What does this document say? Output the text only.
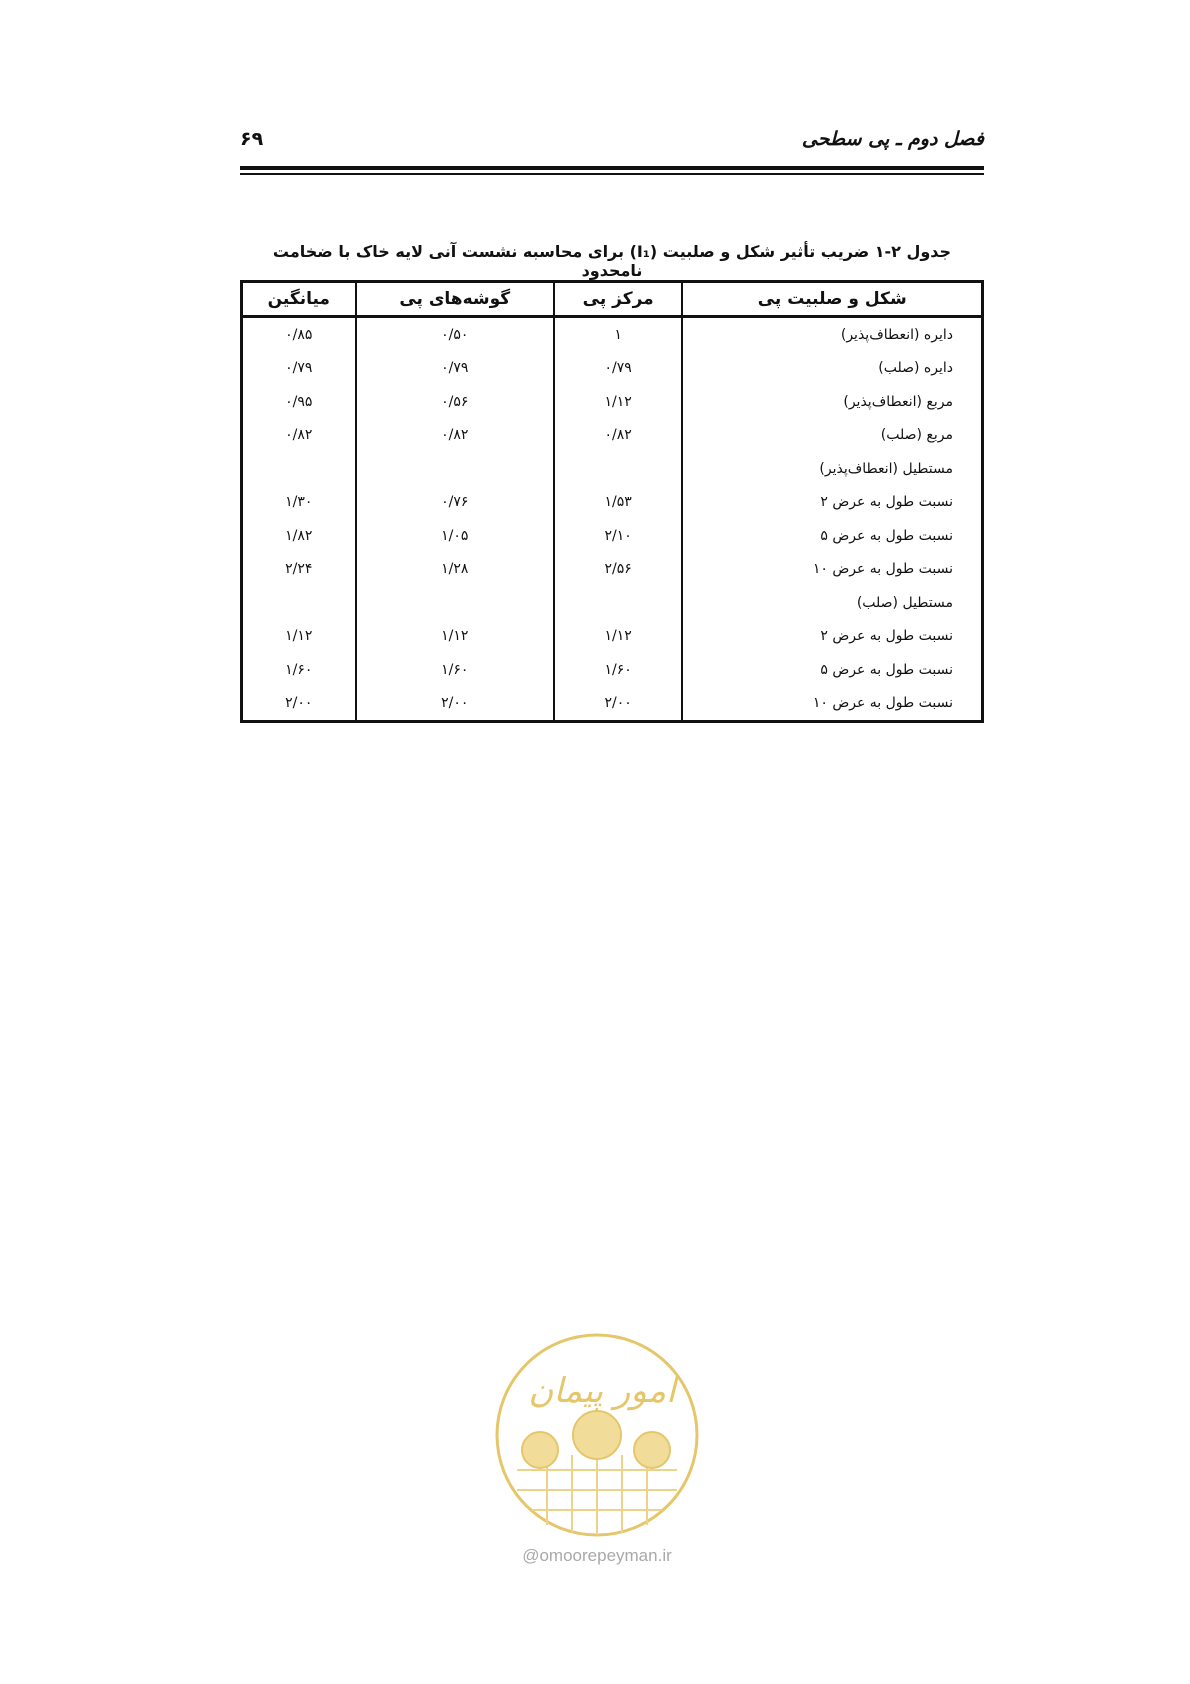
فصل دوم ـ پی سطحی
۶۹
جدول ۲-۱ ضریب تأثیر شکل و صلبیت (I₁) برای محاسبه نشست آنی لایه خاک با ضخامت نامحدود
شکل و صلبیت پی	مرکز پی	گوشه‌های پی	میانگین
دایره (انعطاف‌پذیر)	۱	۰/۵۰	۰/۸۵
دایره (صلب)	۰/۷۹	۰/۷۹	۰/۷۹
مربع (انعطاف‌پذیر)	۱/۱۲	۰/۵۶	۰/۹۵
مربع (صلب)	۰/۸۲	۰/۸۲	۰/۸۲
مستطیل (انعطاف‌پذیر)			
نسبت طول به عرض ۲	۱/۵۳	۰/۷۶	۱/۳۰
نسبت طول به عرض ۵	۲/۱۰	۱/۰۵	۱/۸۲
نسبت طول به عرض ۱۰	۲/۵۶	۱/۲۸	۲/۲۴
مستطیل (صلب)			
نسبت طول به عرض ۲	۱/۱۲	۱/۱۲	۱/۱۲
نسبت طول به عرض ۵	۱/۶۰	۱/۶۰	۱/۶۰
نسبت طول به عرض ۱۰	۲/۰۰	۲/۰۰	۲/۰۰
امور پیمان
@omoorepeyman.ir
